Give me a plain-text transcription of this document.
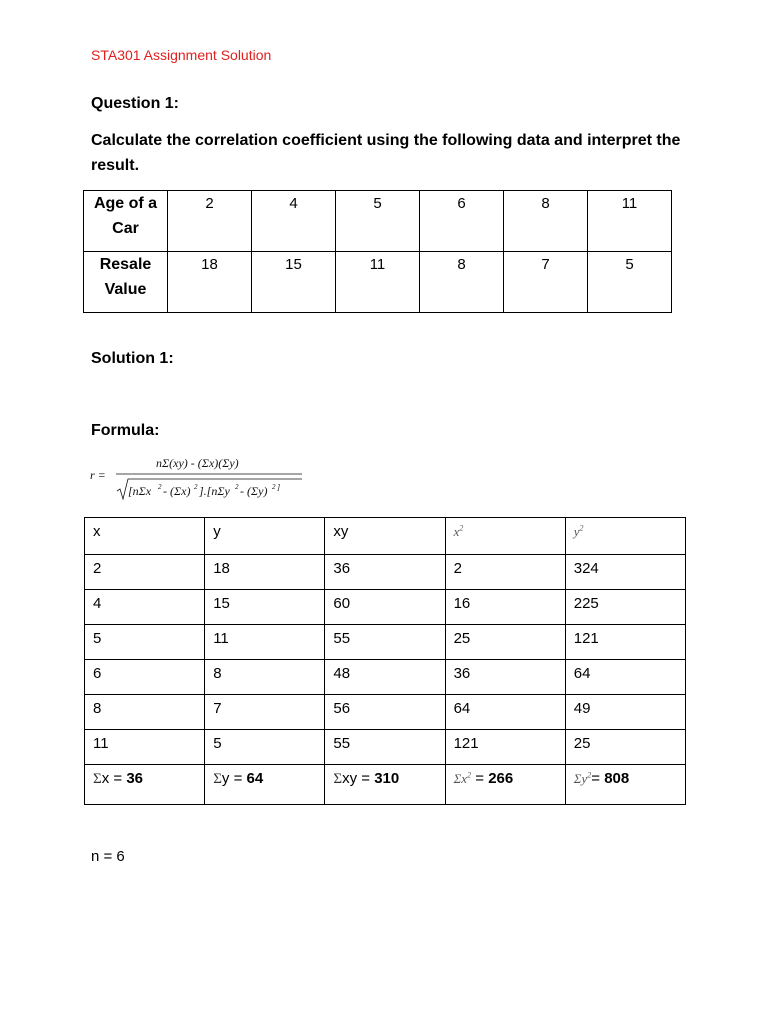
STA301 Assignment Solution
Question 1:
Calculate the correlation coefficient using the following data and interpret the result.
Age of a
Car	2	4	5	6	8	11
Resale
Value	18	15	11	8	7	5
Solution 1:
Formula:
r =
nΣ(xy) - (Σx)(Σy)
[nΣx 2 - (Σx) 2 ].[nΣy 2 - (Σy) 2 ]
x	y	xy	$x^2$	$y^2$
2	18	36	2	324
4	15	60	16	225
5	11	55	25	121
6	8	48	36	64
8	7	56	64	49
11	5	55	121	25
Σx = 36	Σy = 64	Σxy = 310	$\Sigma x^2 = 266$	$\Sigma y^2= 808$
n = 6
